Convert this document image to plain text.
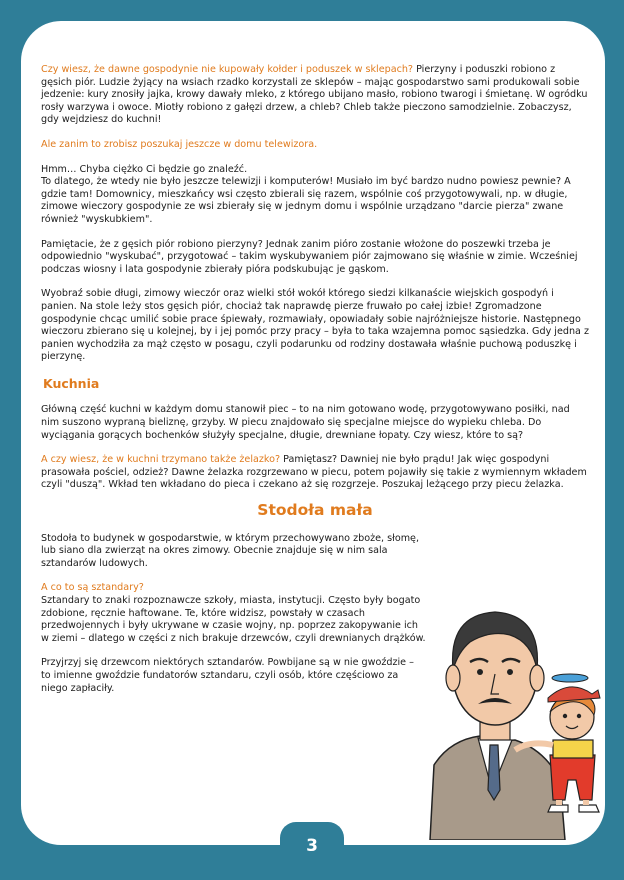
Czy wiesz, że dawne gospodynie nie kupowały kołder i poduszek w sklepach? Pierzyny i poduszki robiono z gęsich piór. Ludzie żyjący na wsiach rzadko korzystali ze sklepów – mając gospodarstwo sami produkowali sobie jedzenie: kury znosiły jajka, krowy dawały mleko, z którego ubijano masło, robiono twarogi i śmietanę. W ogródku rosły warzywa i owoce. Miotły robiono z gałęzi drzew, a chleb? Chleb także pieczono samodzielnie. Zobaczysz, gdy wejdziesz do kuchni!

Ale zanim to zrobisz poszukaj jeszcze w domu telewizora.

Hmm… Chyba ciężko Ci będzie go znaleźć.
To dlatego, że wtedy nie było jeszcze telewizji i komputerów! Musiało im być bardzo nudno powiesz pewnie? A gdzie tam! Domownicy, mieszkańcy wsi często zbierali się razem, wspólnie coś przygotowywali, np. w długie, zimowe wieczory gospodynie ze wsi zbierały się w jednym domu i wspólnie urządzano "darcie pierza" zwane również "wyskubkiem".

Pamiętacie, że z gęsich piór robiono pierzyny? Jednak zanim pióro zostanie włożone do poszewki trzeba je odpowiednio "wyskubać", przygotować – takim wyskubywaniem piór zajmowano się właśnie w zimie. Wcześniej podczas wiosny i lata gospodynie zbierały pióra podskubując je gąskom.

Wyobraź sobie długi, zimowy wieczór oraz wielki stół wokół którego siedzi kilkanaście wiejskich gospodyń i panien. Na stole leży stos gęsich piór, chociaż tak naprawdę pierze fruwało po całej izbie! Zgromadzone gospodynie chcąc umilić sobie prace śpiewały, rozmawiały, opowiadały sobie najróżniejsze historie. Następnego wieczoru zbierano się u kolejnej, by i jej pomóc przy pracy – była to taka wzajemna pomoc sąsiedzka. Gdy jedna z panien wychodziła za mąż często w posagu, czyli podarunku od rodziny dostawała właśnie puchową poduszkę i pierzynę.

Kuchnia

Główną część kuchni w każdym domu stanowił piec – to na nim gotowano wodę, przygotowywano posiłki, nad nim suszono wypraną bieliznę, grzyby. W piecu znajdowało się specjalne miejsce do wypieku chleba. Do wyciągania gorących bochenków służyły specjalne, długie, drewniane łopaty. Czy wiesz, które to są?

A czy wiesz, że w kuchni trzymano także żelazko? Pamiętasz? Dawniej nie było prądu! Jak więc gospodyni prasowała pościel, odzież? Dawne żelazka rozgrzewano w piecu, potem pojawiły się takie z wymiennym wkładem czyli "duszą". Wkład ten wkładano do pieca i czekano aż się rozgrzeje. Poszukaj leżącego przy piecu żelazka.

Stodoła mała

Stodoła to budynek w gospodarstwie, w którym przechowywano zboże, słomę, lub siano dla zwierząt na okres zimowy. Obecnie znajduje się w nim sala sztandarów ludowych.

A co to są sztandary?
Sztandary to znaki rozpoznawcze szkoły, miasta, instytucji. Często były bogato zdobione, ręcznie haftowane. Te, które widzisz, powstały w czasach przedwojennych i były ukrywane w czasie wojny, np. poprzez zakopywanie ich w ziemi – dlatego w części z nich brakuje drzewców, czyli drewnianych drążków.

Przyjrzyj się drzewcom niektórych sztandarów. Powbijane są w nie gwoździe – to imienne gwoździe fundatorów sztandaru, czyli osób, które częściowo za niego zapłaciły.

3
